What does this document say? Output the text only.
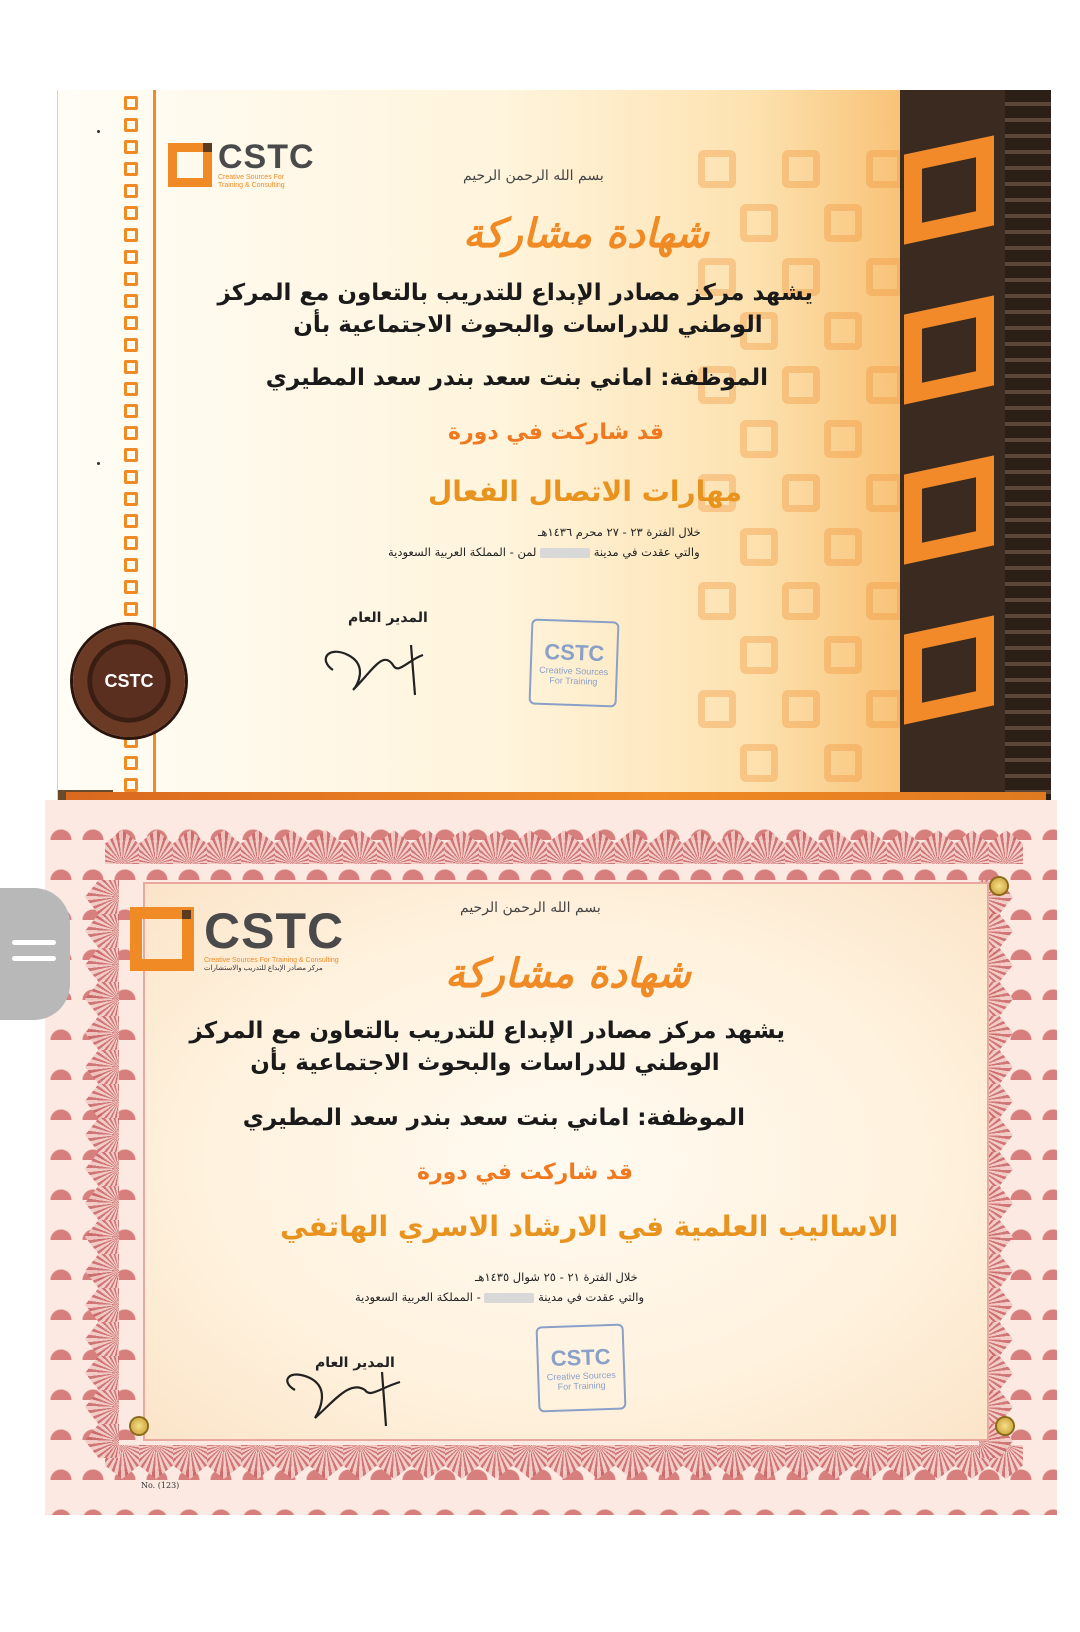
CSTC
Creative Sources For
Training & Consulting
بسم الله الرحمن الرحيم
شهادة مشاركة
يشهد مركز مصادر الإبداع للتدريب بالتعاون مع المركز
الوطني للدراسات والبحوث الاجتماعية بأن
الموظفة: اماني بنت سعد بندر سعد المطيري
قد شاركت في دورة
مهارات الاتصال الفعال
خلال الفترة ٢٣ - ٢٧ محرم ١٤٣٦هـ
والتي عقدت في مدينة  لمن - المملكة العربية السعودية
المدير العام
CSTC
Creative Sources
For Training
CSTC
CSTC
Creative Sources For Training & Consulting
مركز مصادر الإبداع للتدريب والاستشارات
بسم الله الرحمن الرحيم
شهادة مشاركة
يشهد مركز مصادر الإبداع للتدريب بالتعاون مع المركز
الوطني للدراسات والبحوث الاجتماعية بأن
الموظفة: اماني بنت سعد بندر سعد المطيري
قد شاركت في دورة
الاساليب العلمية في الارشاد الاسري الهاتفي
خلال الفترة ٢١ - ٢٥ شوال ١٤٣٥هـ
والتي عقدت في مدينة  - المملكة العربية السعودية
المدير العام	CSTC
Creative Sources
For Training
No. (123)
